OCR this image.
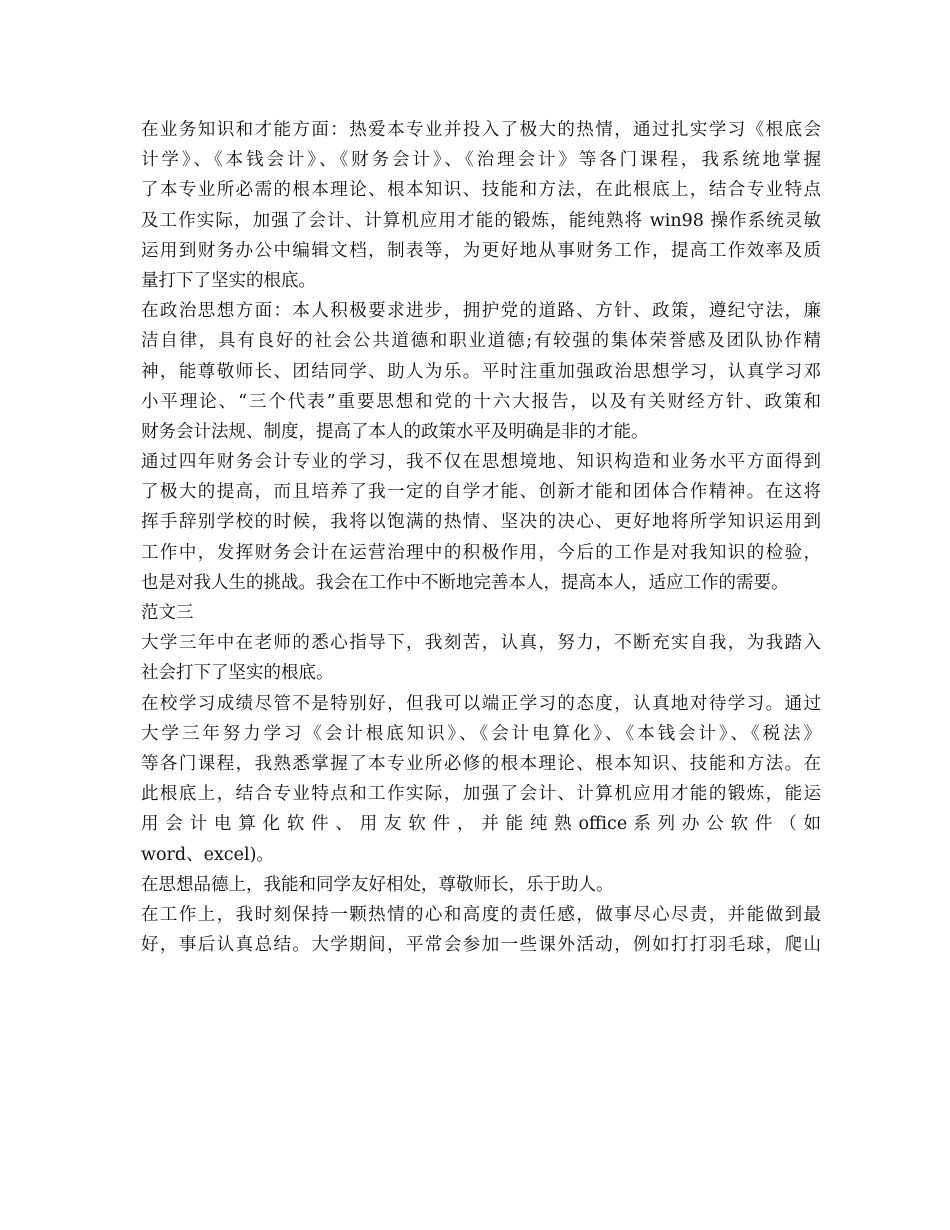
在业务知识和才能方面：热爱本专业并投入了极大的热情，通过扎实学习《根底会
计学》、《本钱会计》、《财务会计》、《治理会计》等各门课程，我系统地掌握
了本专业所必需的根本理论、根本知识、技能和方法，在此根底上，结合专业特点
及工作实际，加强了会计、计算机应用才能的锻炼，能纯熟将 win98 操作系统灵敏
运用到财务办公中编辑文档，制表等，为更好地从事财务工作，提高工作效率及质
量打下了坚实的根底。
在政治思想方面：本人积极要求进步，拥护党的道路、方针、政策，遵纪守法，廉
洁自律，具有良好的社会公共道德和职业道德;有较强的集体荣誉感及团队协作精
神，能尊敬师长、团结同学、助人为乐。平时注重加强政治思想学习，认真学习邓
小平理论、“三个代表”重要思想和党的十六大报告，以及有关财经方针、政策和
财务会计法规、制度，提高了本人的政策水平及明确是非的才能。
通过四年财务会计专业的学习，我不仅在思想境地、知识构造和业务水平方面得到
了极大的提高，而且培养了我一定的自学才能、创新才能和团体合作精神。在这将
挥手辞别学校的时候，我将以饱满的热情、坚决的决心、更好地将所学知识运用到
工作中，发挥财务会计在运营治理中的积极作用，今后的工作是对我知识的检验，
也是对我人生的挑战。我会在工作中不断地完善本人，提高本人，适应工作的需要。
范文三
大学三年中在老师的悉心指导下，我刻苦，认真，努力，不断充实自我，为我踏入
社会打下了坚实的根底。
在校学习成绩尽管不是特别好，但我可以端正学习的态度，认真地对待学习。通过
大学三年努力学习《会计根底知识》、《会计电算化》、《本钱会计》、《税法》
等各门课程，我熟悉掌握了本专业所必修的根本理论、根本知识、技能和方法。在
此根底上，结合专业特点和工作实际，加强了会计、计算机应用才能的锻炼，能运
用 会 计 电 算 化 软 件 、 用 友 软 件 ， 并 能 纯 熟 office 系 列 办 公 软 件 （ 如
word、excel)。
在思想品德上，我能和同学友好相处，尊敬师长，乐于助人。
在工作上，我时刻保持一颗热情的心和高度的责任感，做事尽心尽责，并能做到最
好，事后认真总结。大学期间，平常会参加一些课外活动，例如打打羽毛球，爬山
